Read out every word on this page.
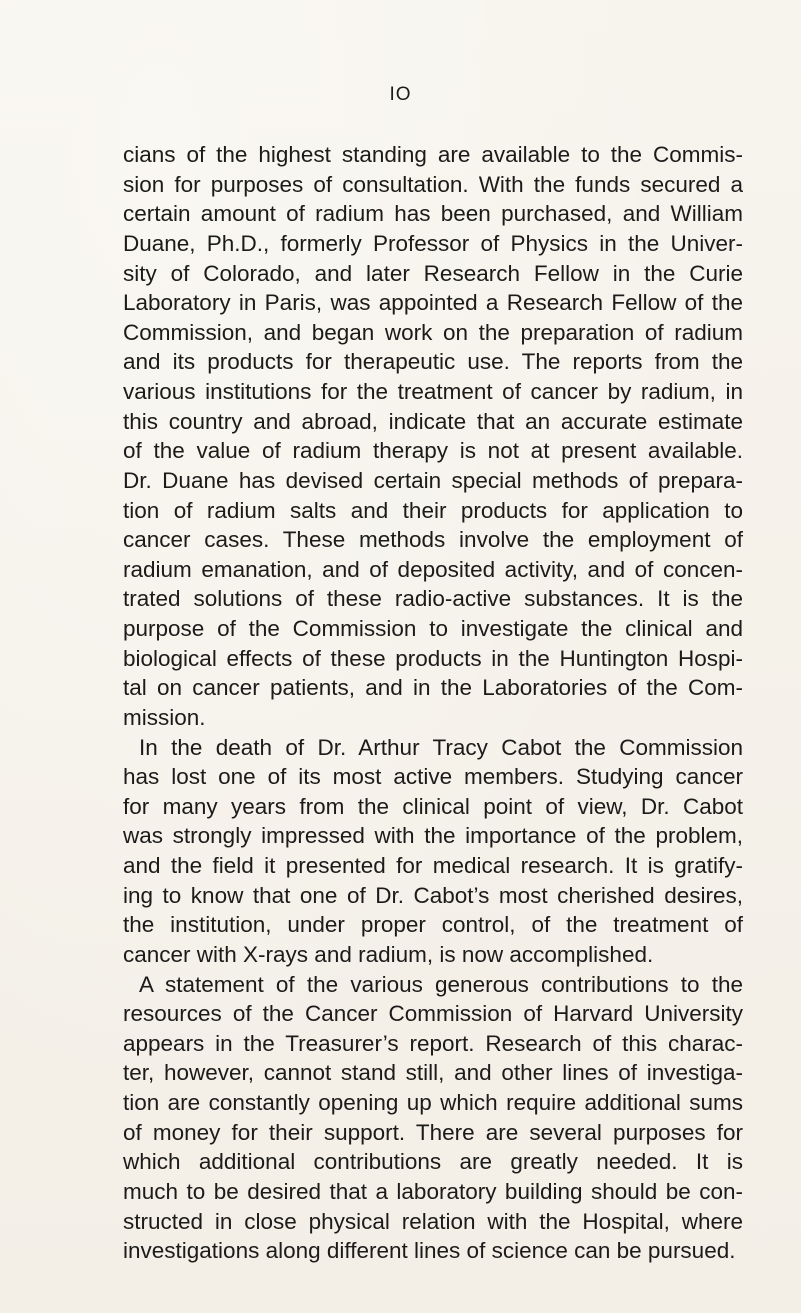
IO
cians of the highest standing are available to the Commis-
sion for purposes of consultation. With the funds secured a
certain amount of radium has been purchased, and William
Duane, Ph.D., formerly Professor of Physics in the Univer-
sity of Colorado, and later Research Fellow in the Curie
Laboratory in Paris, was appointed a Research Fellow of the
Commission, and began work on the preparation of radium
and its products for therapeutic use. The reports from the
various institutions for the treatment of cancer by radium, in
this country and abroad, indicate that an accurate estimate
of the value of radium therapy is not at present available.
Dr. Duane has devised certain special methods of prepara-
tion of radium salts and their products for application to
cancer cases. These methods involve the employment of
radium emanation, and of deposited activity, and of concen-
trated solutions of these radio-active substances. It is the
purpose of the Commission to investigate the clinical and
biological effects of these products in the Huntington Hospi-
tal on cancer patients, and in the Laboratories of the Com-
mission.
In the death of Dr. Arthur Tracy Cabot the Commission
has lost one of its most active members. Studying cancer
for many years from the clinical point of view, Dr. Cabot
was strongly impressed with the importance of the problem,
and the field it presented for medical research. It is gratify-
ing to know that one of Dr. Cabot’s most cherished desires,
the institution, under proper control, of the treatment of
cancer with X-rays and radium, is now accomplished.
A statement of the various generous contributions to the
resources of the Cancer Commission of Harvard University
appears in the Treasurer’s report. Research of this charac-
ter, however, cannot stand still, and other lines of investiga-
tion are constantly opening up which require additional sums
of money for their support. There are several purposes for
which additional contributions are greatly needed. It is
much to be desired that a laboratory building should be con-
structed in close physical relation with the Hospital, where
investigations along different lines of science can be pursued.
